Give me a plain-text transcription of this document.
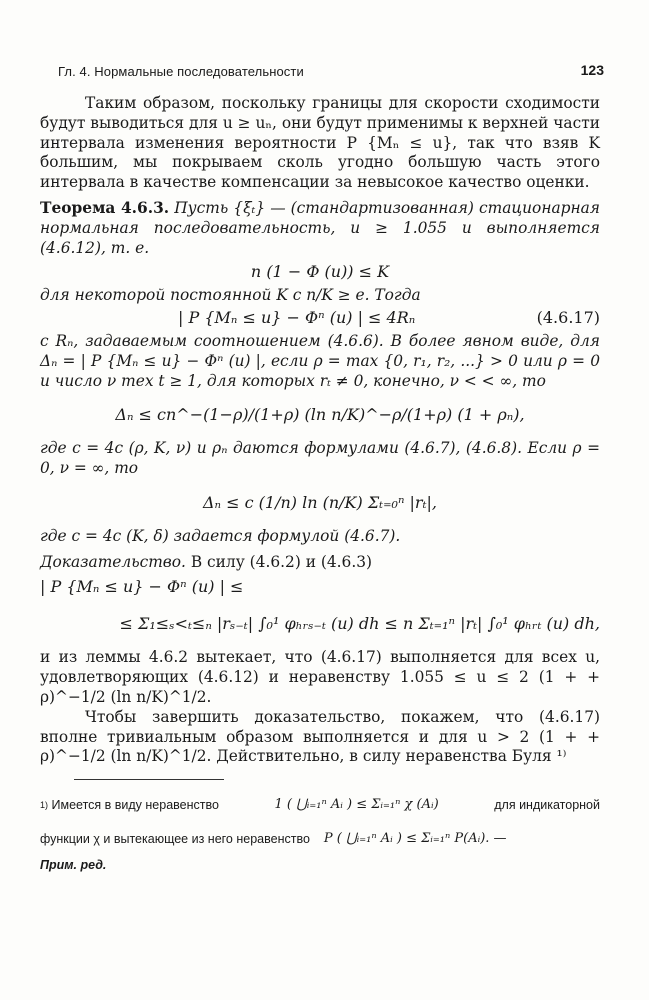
Гл. 4. Нормальные последовательности	123

Таким образом, поскольку границы для скорости сходимости будут выводиться для u ≥ uₙ, они будут применимы к верхней части интервала изменения вероятности P {Mₙ ≤ u}, так что взяв K большим, мы покрываем сколь угодно большую часть этого интервала в качестве компенсации за невысокое качество оценки.

Теорема 4.6.3. Пусть {ξₜ} — (стандартизованная) стационарная нормальная последовательность, u ≥ 1.055 и выполняется (4.6.12), т. е.

n (1 − Φ (u)) ≤ K

для некоторой постоянной K с n/K ≥ e. Тогда

| P {Mₙ ≤ u} − Φⁿ (u) | ≤ 4Rₙ	(4.6.17)

с Rₙ, задаваемым соотношением (4.6.6). В более явном виде, для Δₙ = | P {Mₙ ≤ u} − Φⁿ (u) |, если ρ = max {0, r₁, r₂, ...} > 0 или ρ = 0 и число ν тех t ≥ 1, для которых rₜ ≠ 0, конечно, ν < < ∞, то

Δₙ ≤ cn^−(1−ρ)/(1+ρ) (ln n/K)^−ρ/(1+ρ) (1 + ρₙ),

где c = 4c (ρ, K, ν) и ρₙ даются формулами (4.6.7), (4.6.8). Если ρ = 0, ν = ∞, то

Δₙ ≤ c (1/n) ln (n/K) Σₜ₌₀ⁿ |rₜ|,

где c = 4c (K, δ) задается формулой (4.6.7).

Доказательство. В силу (4.6.2) и (4.6.3)

| P {Mₙ ≤ u} − Φⁿ (u) | ≤
≤ Σ₁≤ₛ<ₜ≤ₙ |rₛ₋ₜ| ∫₀¹ φₕᵣₛ₋ₜ (u) dh ≤ n Σₜ₌₁ⁿ |rₜ| ∫₀¹ φₕᵣₜ (u) dh,

и из леммы 4.6.2 вытекает, что (4.6.17) выполняется для всех u, удовлетворяющих (4.6.12) и неравенству 1.055 ≤ u ≤ 2 (1 + + ρ)^−1/2 (ln n/K)^1/2.

Чтобы завершить доказательство, покажем, что (4.6.17) вполне тривиальным образом выполняется и для u > 2 (1 + + ρ)^−1/2 (ln n/K)^1/2. Действительно, в силу неравенства Буля ¹⁾

$^{1)}$ Имеется в виду неравенство	1 ( ⋃ᵢ₌₁ⁿ Aᵢ ) ≤ Σᵢ₌₁ⁿ χ (Aᵢ)	для индикаторной
функции χ и вытекающее из него неравенство P ( ⋃ᵢ₌₁ⁿ Aᵢ ) ≤ Σᵢ₌₁ⁿ P(Aᵢ). —
Прим. ред.
